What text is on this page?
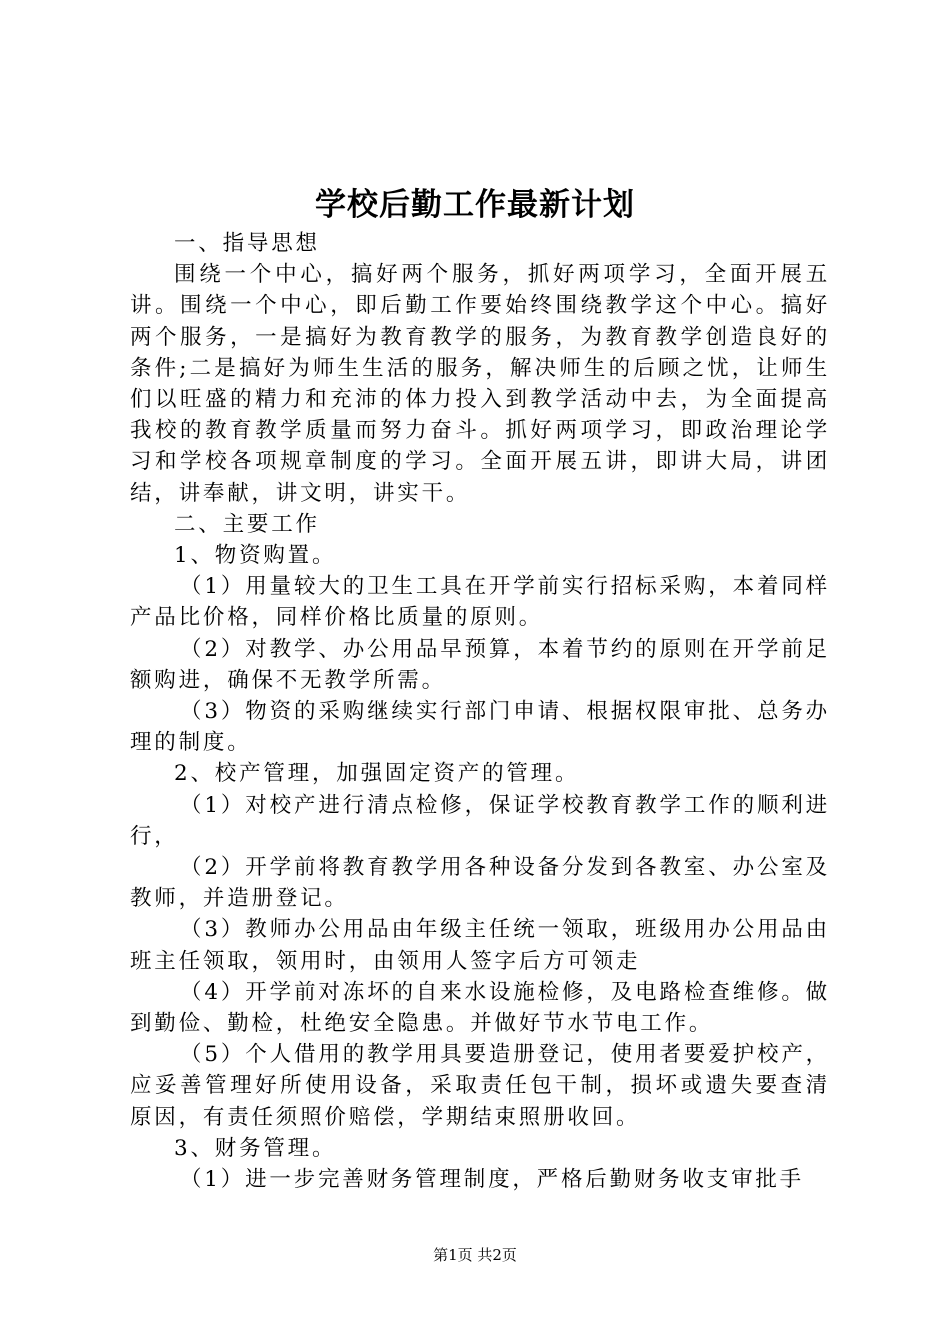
学校后勤工作最新计划

一、指导思想

围绕一个中心，搞好两个服务，抓好两项学习，全面开展五讲。围绕一个中心，即后勤工作要始终围绕教学这个中心。搞好两个服务，一是搞好为教育教学的服务，为教育教学创造良好的条件;二是搞好为师生生活的服务，解决师生的后顾之忧，让师生们以旺盛的精力和充沛的体力投入到教学活动中去，为全面提高我校的教育教学质量而努力奋斗。抓好两项学习，即政治理论学习和学校各项规章制度的学习。全面开展五讲，即讲大局，讲团结，讲奉献，讲文明，讲实干。

二、主要工作

1、物资购置。

（1）用量较大的卫生工具在开学前实行招标采购，本着同样产品比价格，同样价格比质量的原则。

（2）对教学、办公用品早预算，本着节约的原则在开学前足额购进，确保不无教学所需。

（3）物资的采购继续实行部门申请、根据权限审批、总务办理的制度。

2、校产管理，加强固定资产的管理。

（1）对校产进行清点检修，保证学校教育教学工作的顺利进行，

（2）开学前将教育教学用各种设备分发到各教室、办公室及教师，并造册登记。

（3）教师办公用品由年级主任统一领取，班级用办公用品由班主任领取，领用时，由领用人签字后方可领走

（4）开学前对冻坏的自来水设施检修，及电路检查维修。做到勤俭、勤检，杜绝安全隐患。并做好节水节电工作。

（5）个人借用的教学用具要造册登记，使用者要爱护校产，应妥善管理好所使用设备，采取责任包干制，损坏或遗失要查清原因，有责任须照价赔偿，学期结束照册收回。

3、财务管理。

（1）进一步完善财务管理制度，严格后勤财务收支审批手

第1页 共2页
